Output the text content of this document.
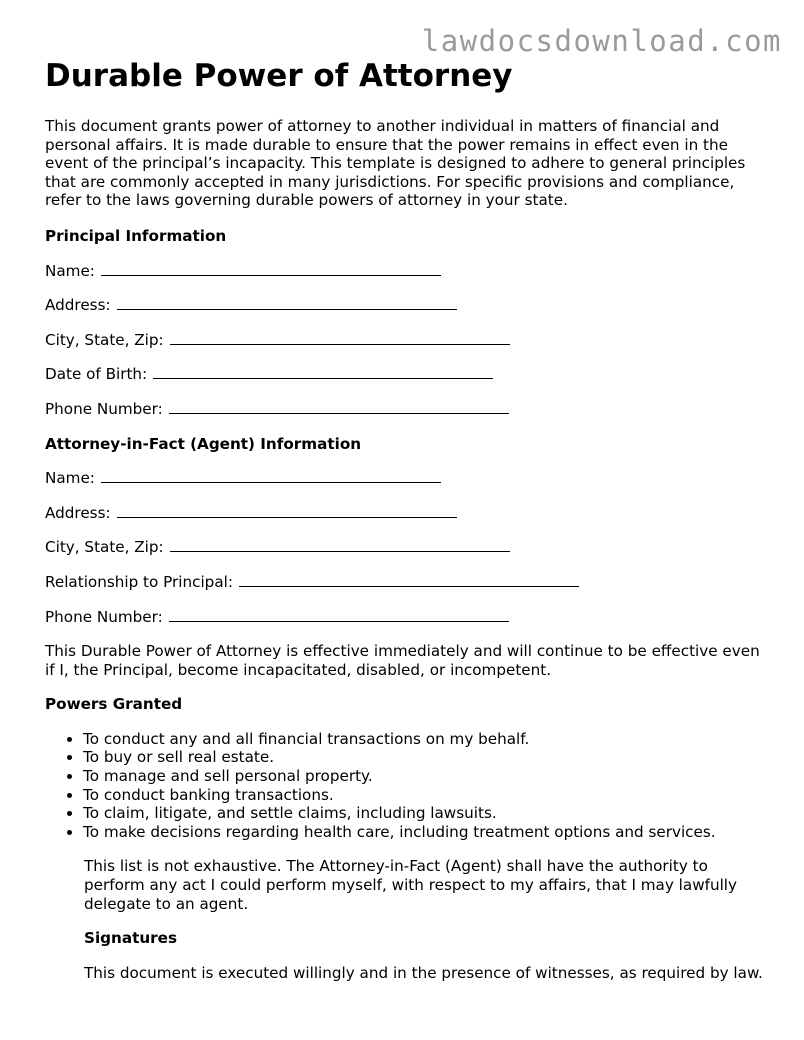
lawdocsdownload.com
Durable Power of Attorney

This document grants power of attorney to another individual in matters of financial and personal affairs. It is made durable to ensure that the power remains in effect even in the event of the principal’s incapacity. This template is designed to adhere to general principles that are commonly accepted in many jurisdictions. For specific provisions and compliance, refer to the laws governing durable powers of attorney in your state.

Principal Information
Name:
Address:
City, State, Zip:
Date of Birth:
Phone Number:
Attorney-in-Fact (Agent) Information
Name:
Address:
City, State, Zip:
Relationship to Principal:
Phone Number:

This Durable Power of Attorney is effective immediately and will continue to be effective even if I, the Principal, become incapacitated, disabled, or incompetent.

Powers Granted
• To conduct any and all financial transactions on my behalf.
• To buy or sell real estate.
• To manage and sell personal property.
• To conduct banking transactions.
• To claim, litigate, and settle claims, including lawsuits.
• To make decisions regarding health care, including treatment options and services.

This list is not exhaustive. The Attorney-in-Fact (Agent) shall have the authority to perform any act I could perform myself, with respect to my affairs, that I may lawfully delegate to an agent.

Signatures

This document is executed willingly and in the presence of witnesses, as required by law.
